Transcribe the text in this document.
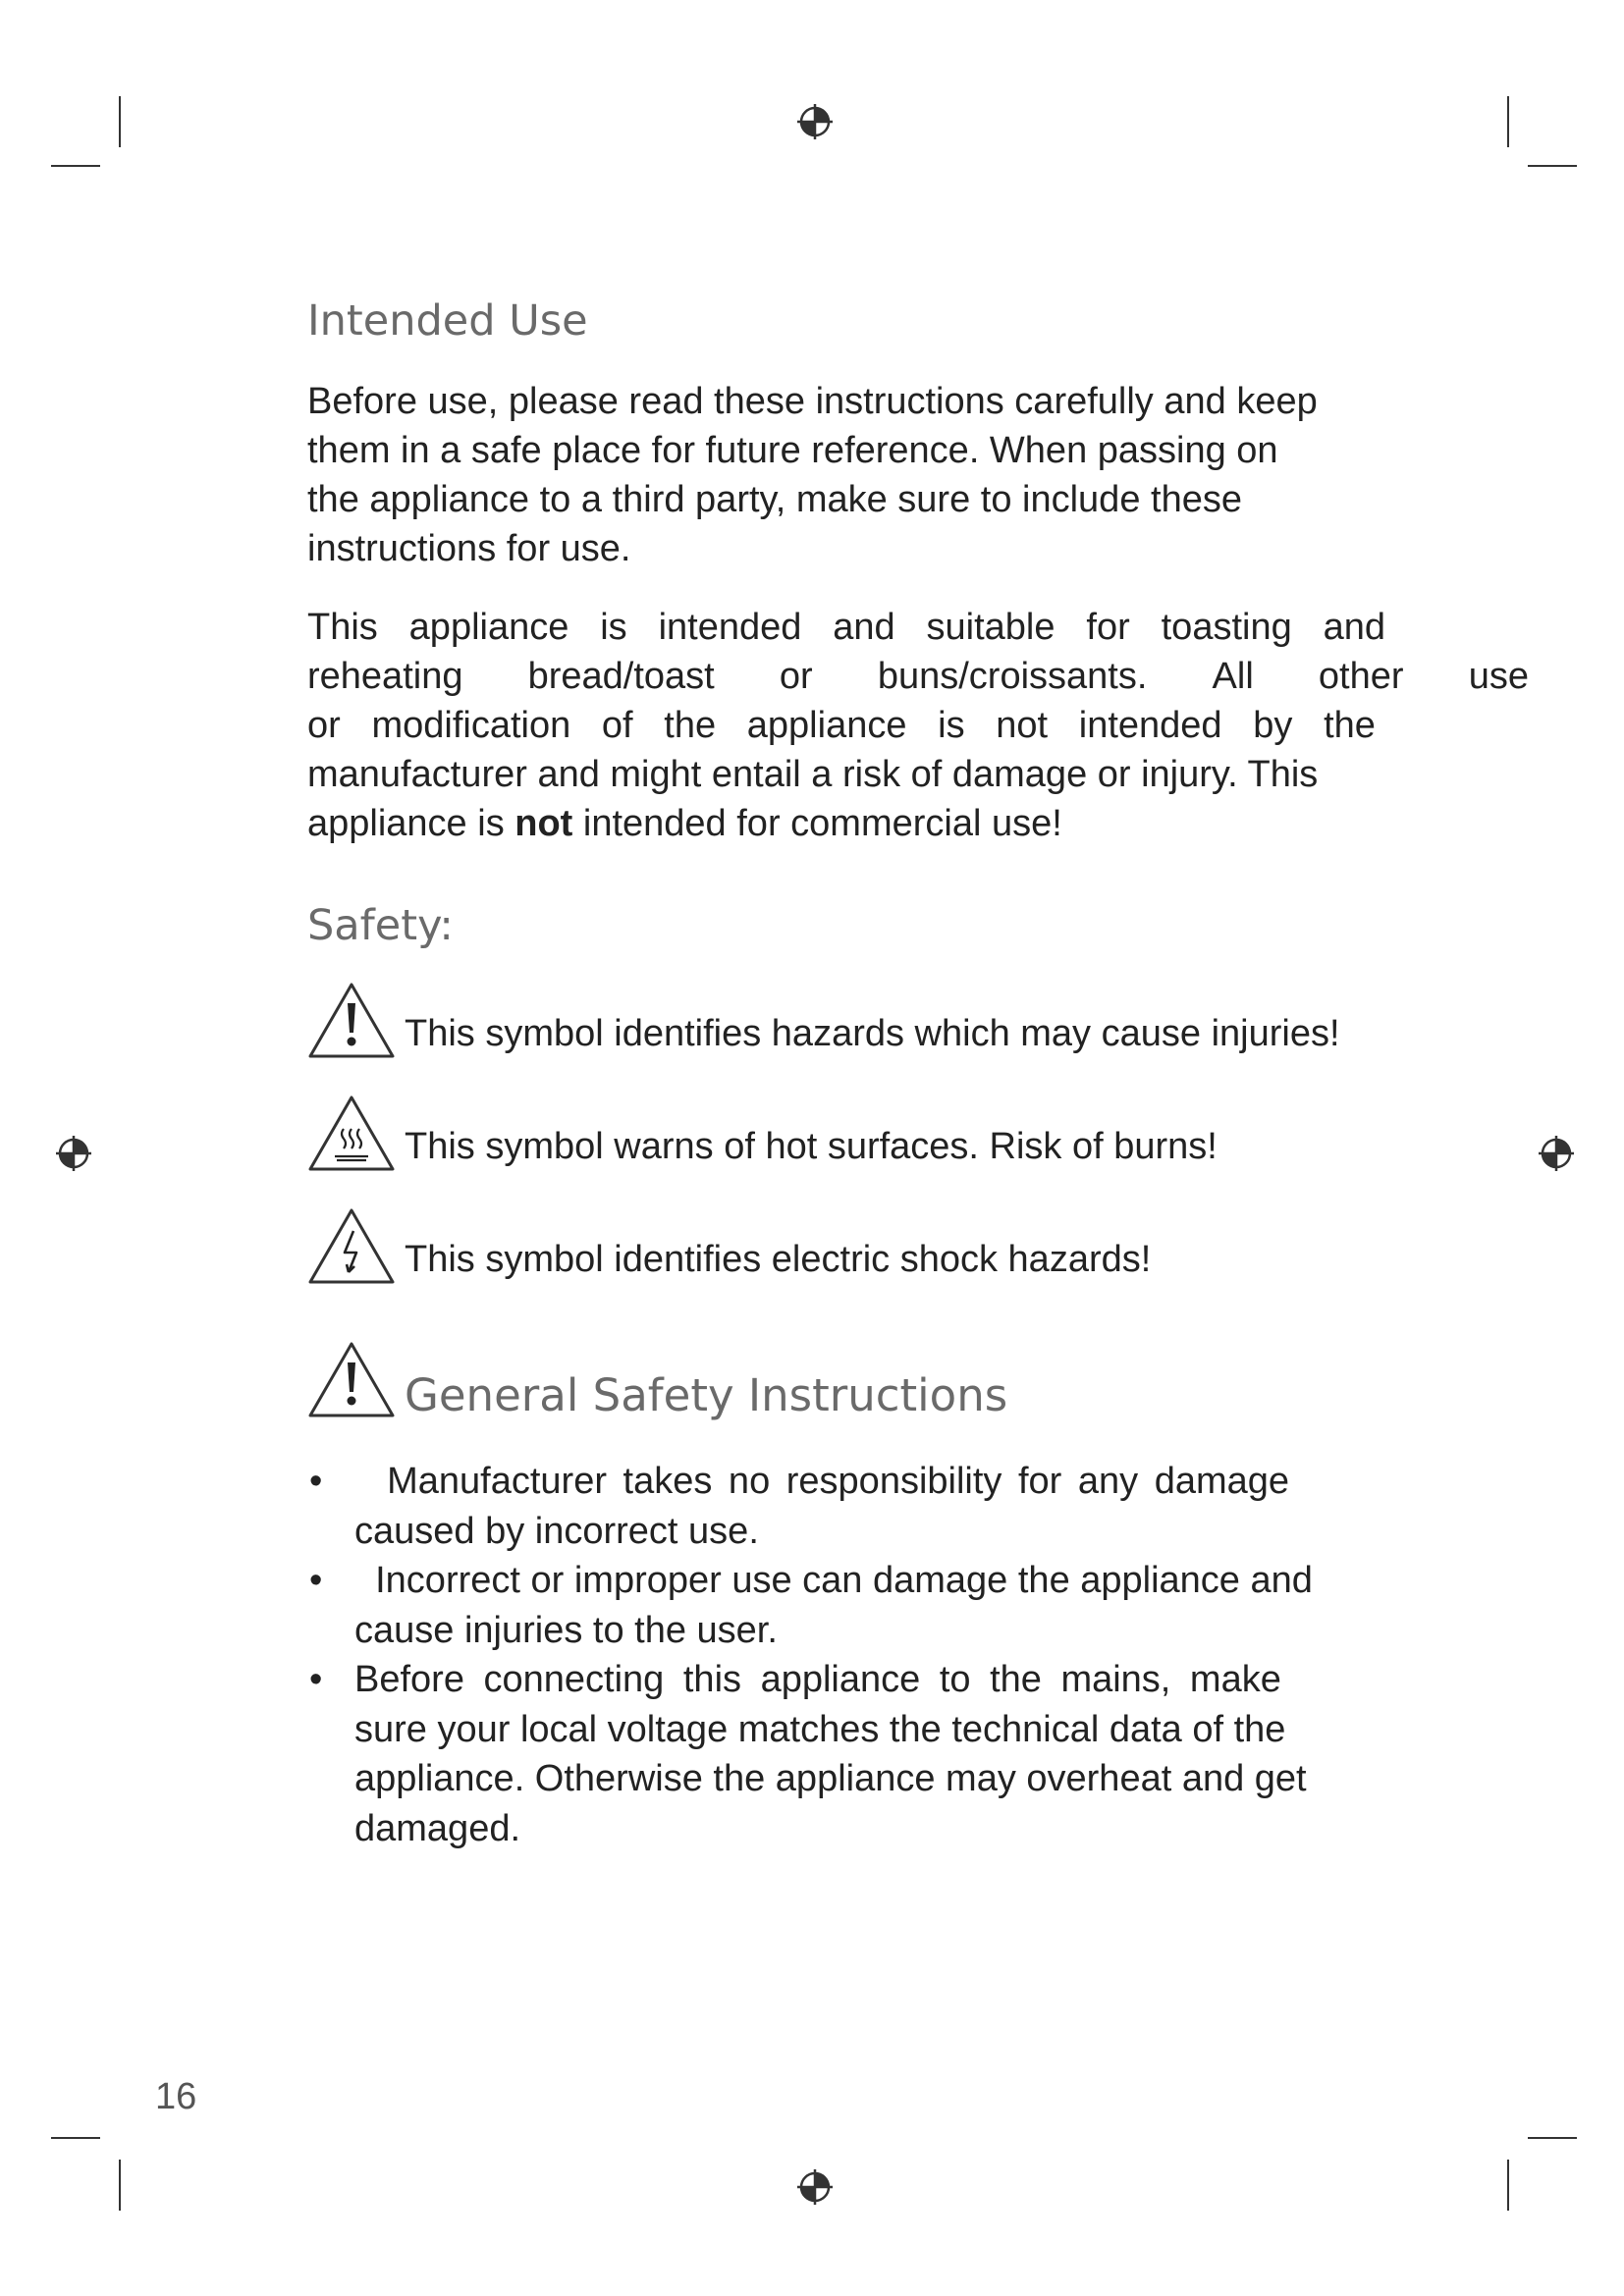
Intended Use
Before use, please read these instructions carefully and keep
them in a safe place for future reference. When passing on
the appliance to a third party, make sure to include these
instructions for use.
This appliance is intended and suitable for toasting and
reheating bread/toast or buns/croissants. All other use
or modification of the appliance is not intended by the
manufacturer and might entail a risk of damage or injury. This
appliance is not intended for commercial use!
Safety:
This symbol identifies hazards which may cause injuries!
This symbol warns of hot surfaces. Risk of burns!
This symbol identifies electric shock hazards!
General Safety Instructions
• Manufacturer takes no responsibility for any damage
caused by incorrect use.
• Incorrect or improper use can damage the appliance and
cause injuries to the user.
• Before connecting this appliance to the mains, make
sure your local voltage matches the technical data of the
appliance. Otherwise the appliance may overheat and get
damaged.
16
